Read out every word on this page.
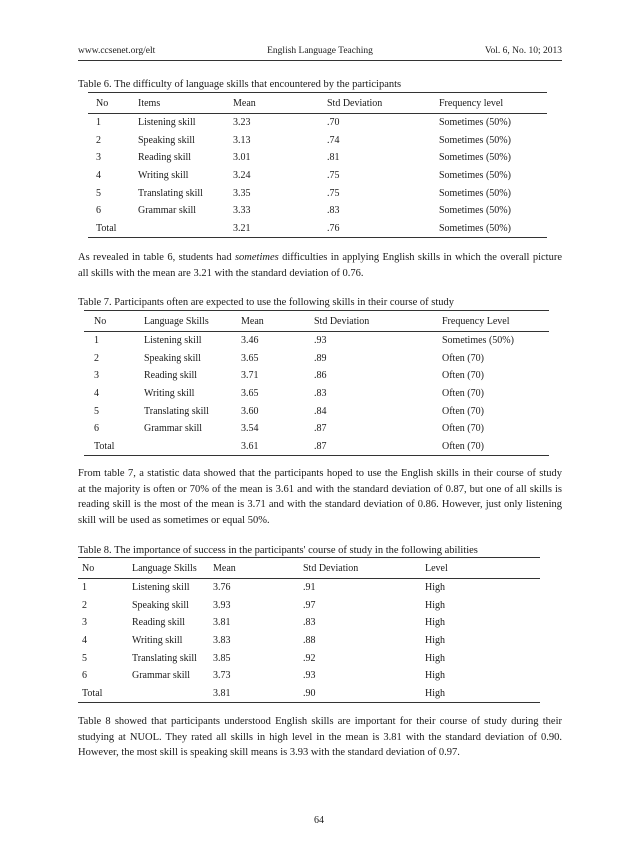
www.ccsenet.org/elt	English Language Teaching	Vol. 6, No. 10; 2013
Table 6. The difficulty of language skills that encountered by the participants
No	Items	Mean	Std Deviation	Frequency level
1	Listening skill	3.23	.70	Sometimes (50%)
2	Speaking skill	3.13	.74	Sometimes (50%)
3	Reading skill	3.01	.81	Sometimes (50%)
4	Writing skill	3.24	.75	Sometimes (50%)
5	Translating skill	3.35	.75	Sometimes (50%)
6	Grammar skill	3.33	.83	Sometimes (50%)
Total		3.21	.76	Sometimes (50%)
As revealed in table 6, students had sometimes difficulties in applying English skills in which the overall picture
all skills with the mean are 3.21 with the standard deviation of 0.76.
Table 7. Participants often are expected to use the following skills in their course of study
No	Language Skills	Mean	Std Deviation	Frequency Level
1	Listening skill	3.46	.93	Sometimes (50%)
2	Speaking skill	3.65	.89	Often (70)
3	Reading skill	3.71	.86	Often (70)
4	Writing skill	3.65	.83	Often (70)
5	Translating skill	3.60	.84	Often (70)
6	Grammar skill	3.54	.87	Often (70)
Total		3.61	.87	Often (70)
From table 7, a statistic data showed that the participants hoped to use the English skills in their course of study
at the majority is often or 70% of the mean is 3.61 and with the standard deviation of 0.87, but one of all skills is
reading skill is the most of the mean is 3.71 and with the standard deviation of 0.86. However, just only listening
skill will be used as sometimes or equal 50%.
Table 8. The importance of success in the participants' course of study in the following abilities
No	Language Skills	Mean	Std Deviation	Level
1	Listening skill	3.76	.91	High
2	Speaking skill	3.93	.97	High
3	Reading skill	3.81	.83	High
4	Writing skill	3.83	.88	High
5	Translating skill	3.85	.92	High
6	Grammar skill	3.73	.93	High
Total		3.81	.90	High
Table 8 showed that participants understood English skills are important for their course of study during their
studying at NUOL. They rated all skills in high level in the mean is 3.81 with the standard deviation of 0.90.
However, the most skill is speaking skill means is 3.93 with the standard deviation of 0.97.
64
